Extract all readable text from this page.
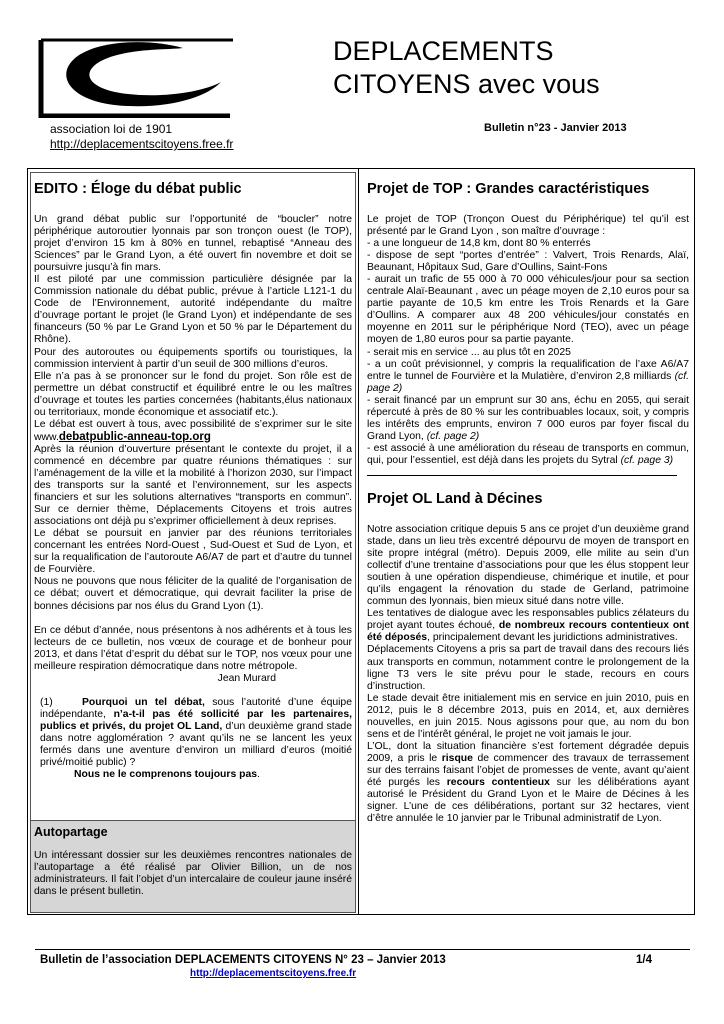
DEPLACEMENTS
CITOYENS avec vous
association loi de 1901
http://deplacementscitoyens.free.fr
Bulletin n°23 - Janvier 2013
EDITO : Éloge du débat public

Un grand débat public sur l’opportunité de “boucler” notre périphérique autoroutier lyonnais par son tronçon ouest (le TOP), projet d’environ 15 km à 80% en tunnel, rebaptisé “Anneau des Sciences” par le Grand Lyon, a été ouvert fin novembre et doit se poursuivre jusqu’à fin mars.

Il est piloté par une commission particulière désignée par la Commission nationale du débat public, prévue à l’article L121-1 du Code de l’Environnement, autorité indépendante du maître d’ouvrage portant le projet (le Grand Lyon) et indépendante de ses financeurs (50 % par Le Grand Lyon et 50 % par le Département du Rhône).

Pour des autoroutes ou équipements sportifs ou touristiques, la commission intervient à partir d’un seuil de 300 millions d’euros.

Elle n’a pas à se prononcer sur le fond du projet. Son rôle est de permettre un débat constructif et équilibré entre le ou les maîtres d’ouvrage et toutes les parties concernées (habitants,élus nationaux ou territoriaux, monde économique et associatif etc.).

Le débat est ouvert à tous, avec possibilité de s’exprimer sur le site www.debatpublic-anneau-top.org

Après la réunion d’ouverture présentant le contexte du projet, il a commencé en décembre par quatre réunions thématiques : sur l’aménagement de la ville et la mobilité à l’horizon 2030, sur l’impact des transports sur la santé et l’environnement, sur les aspects financiers et sur les solutions alternatives “transports en commun”. Sur ce dernier thème, Déplacements Citoyens et trois autres associations ont déjà pu s’exprimer officiellement à deux reprises.

Le débat se poursuit en janvier par des réunions territoriales concernant les entrées Nord-Ouest , Sud-Ouest et Sud de Lyon, et sur la requalification de l’autoroute A6/A7 de part et d’autre du tunnel de Fourvière.

Nous ne pouvons que nous féliciter de la qualité de l’organisation de ce débat; ouvert et démocratique, qui devrait faciliter la prise de bonnes décisions par nos élus du Grand Lyon (1).

En ce début d’année, nous présentons à nos adhérents et à tous les lecteurs de ce bulletin, nos vœux de courage et de bonheur pour 2013, et dans l’état d’esprit du débat sur le TOP, nos vœux pour une meilleure respiration démocratique dans notre métropole.

Jean Murard

(1)	Pourquoi un tel débat, sous l’autorité d’une équipe indépendante, n’a-t-il pas été sollicité par les partenaires, publics et privés, du projet OL Land, d’un deuxième grand stade dans notre agglomération ? avant qu’ils ne se lancent les yeux fermés dans une aventure d’environ un milliard d’euros (moitié privé/moitié public) ?

Nous ne le comprenons toujours pas.

Autopartage

Un intéressant dossier sur les deuxièmes rencontres nationales de l’autopartage a été réalisé par Olivier Billion, un de nos administrateurs. Il fait l’objet d’un intercalaire de couleur jaune inséré dans le présent bulletin.

Projet de TOP : Grandes caractéristiques

Le projet de TOP (Tronçon Ouest du Périphérique) tel qu’il est présenté par le Grand Lyon , son maître d’ouvrage :

- a une longueur de 14,8 km, dont 80 % enterrés

- dispose de sept “portes d’entrée” : Valvert, Trois Renards, Alaï, Beaunant, Hôpitaux Sud, Gare d’Oullins, Saint-Fons

- aurait un trafic de 55 000 à 70 000 véhicules/jour pour sa section centrale Alaï-Beaunant , avec un péage moyen de 2,10 euros pour sa partie payante de 10,5 km entre les Trois Renards et la Gare d’Oullins. A comparer aux 48 200 véhicules/jour constatés en moyenne en 2011 sur le périphérique Nord (TEO), avec un péage moyen de 1,80 euros pour sa partie payante.

- serait mis en service ... au plus tôt en 2025

- a un coût prévisionnel, y compris la requalification de l’axe A6/A7 entre le tunnel de Fourvière et la Mulatière, d’environ 2,8 milliards (cf. page 2)

- serait financé par un emprunt sur 30 ans, échu en 2055, qui serait répercuté à près de 80 % sur les contribuables locaux, soit, y compris les intérêts des emprunts, environ 7 000 euros par foyer fiscal du Grand Lyon, (cf. page 2)

- est associé à une amélioration du réseau de transports en commun, qui, pour l’essentiel, est déjà dans les projets du Sytral (cf. page 3)

Projet OL Land à Décines

Notre association critique depuis 5 ans ce projet d’un deuxième grand stade, dans un lieu très excentré dépourvu de moyen de transport en site propre intégral (métro). Depuis 2009, elle milite au sein d’un collectif d’une trentaine d’associations pour que les élus stoppent leur soutien à une opération dispendieuse, chimérique et inutile, et pour qu’ils engagent la rénovation du stade de Gerland, patrimoine commun des lyonnais, bien mieux situé dans notre ville.

Les tentatives de dialogue avec les responsables publics zélateurs du projet ayant toutes échoué, de nombreux recours contentieux ont été déposés, principalement devant les juridictions administratives.

Déplacements Citoyens a pris sa part de travail dans des recours liés aux transports en commun, notamment contre le prolongement de la ligne T3 vers le site prévu pour le stade, recours en cours d’instruction.

Le stade devait être initialement mis en service en juin 2010, puis en 2012, puis le 8 décembre 2013, puis en 2014, et, aux dernières nouvelles, en juin 2015. Nous agissons pour que, au nom du bon sens et de l’intérêt général, le projet ne voit jamais le jour.

L’OL, dont la situation financière s’est fortement dégradée depuis 2009, a pris le risque de commencer des travaux de terrassement sur des terrains faisant l’objet de promesses de vente, avant qu’aient été purgés les recours contentieux sur les délibérations ayant autorisé le Président du Grand Lyon et le Maire de Décines à les signer. L’une de ces délibérations, portant sur 32 hectares, vient d’être annulée le 10 janvier par le Tribunal administratif de Lyon.

Bulletin de l’association DEPLACEMENTS CITOYENS N° 23 – Janvier 2013	1/4
http://deplacementscitoyens.free.fr
